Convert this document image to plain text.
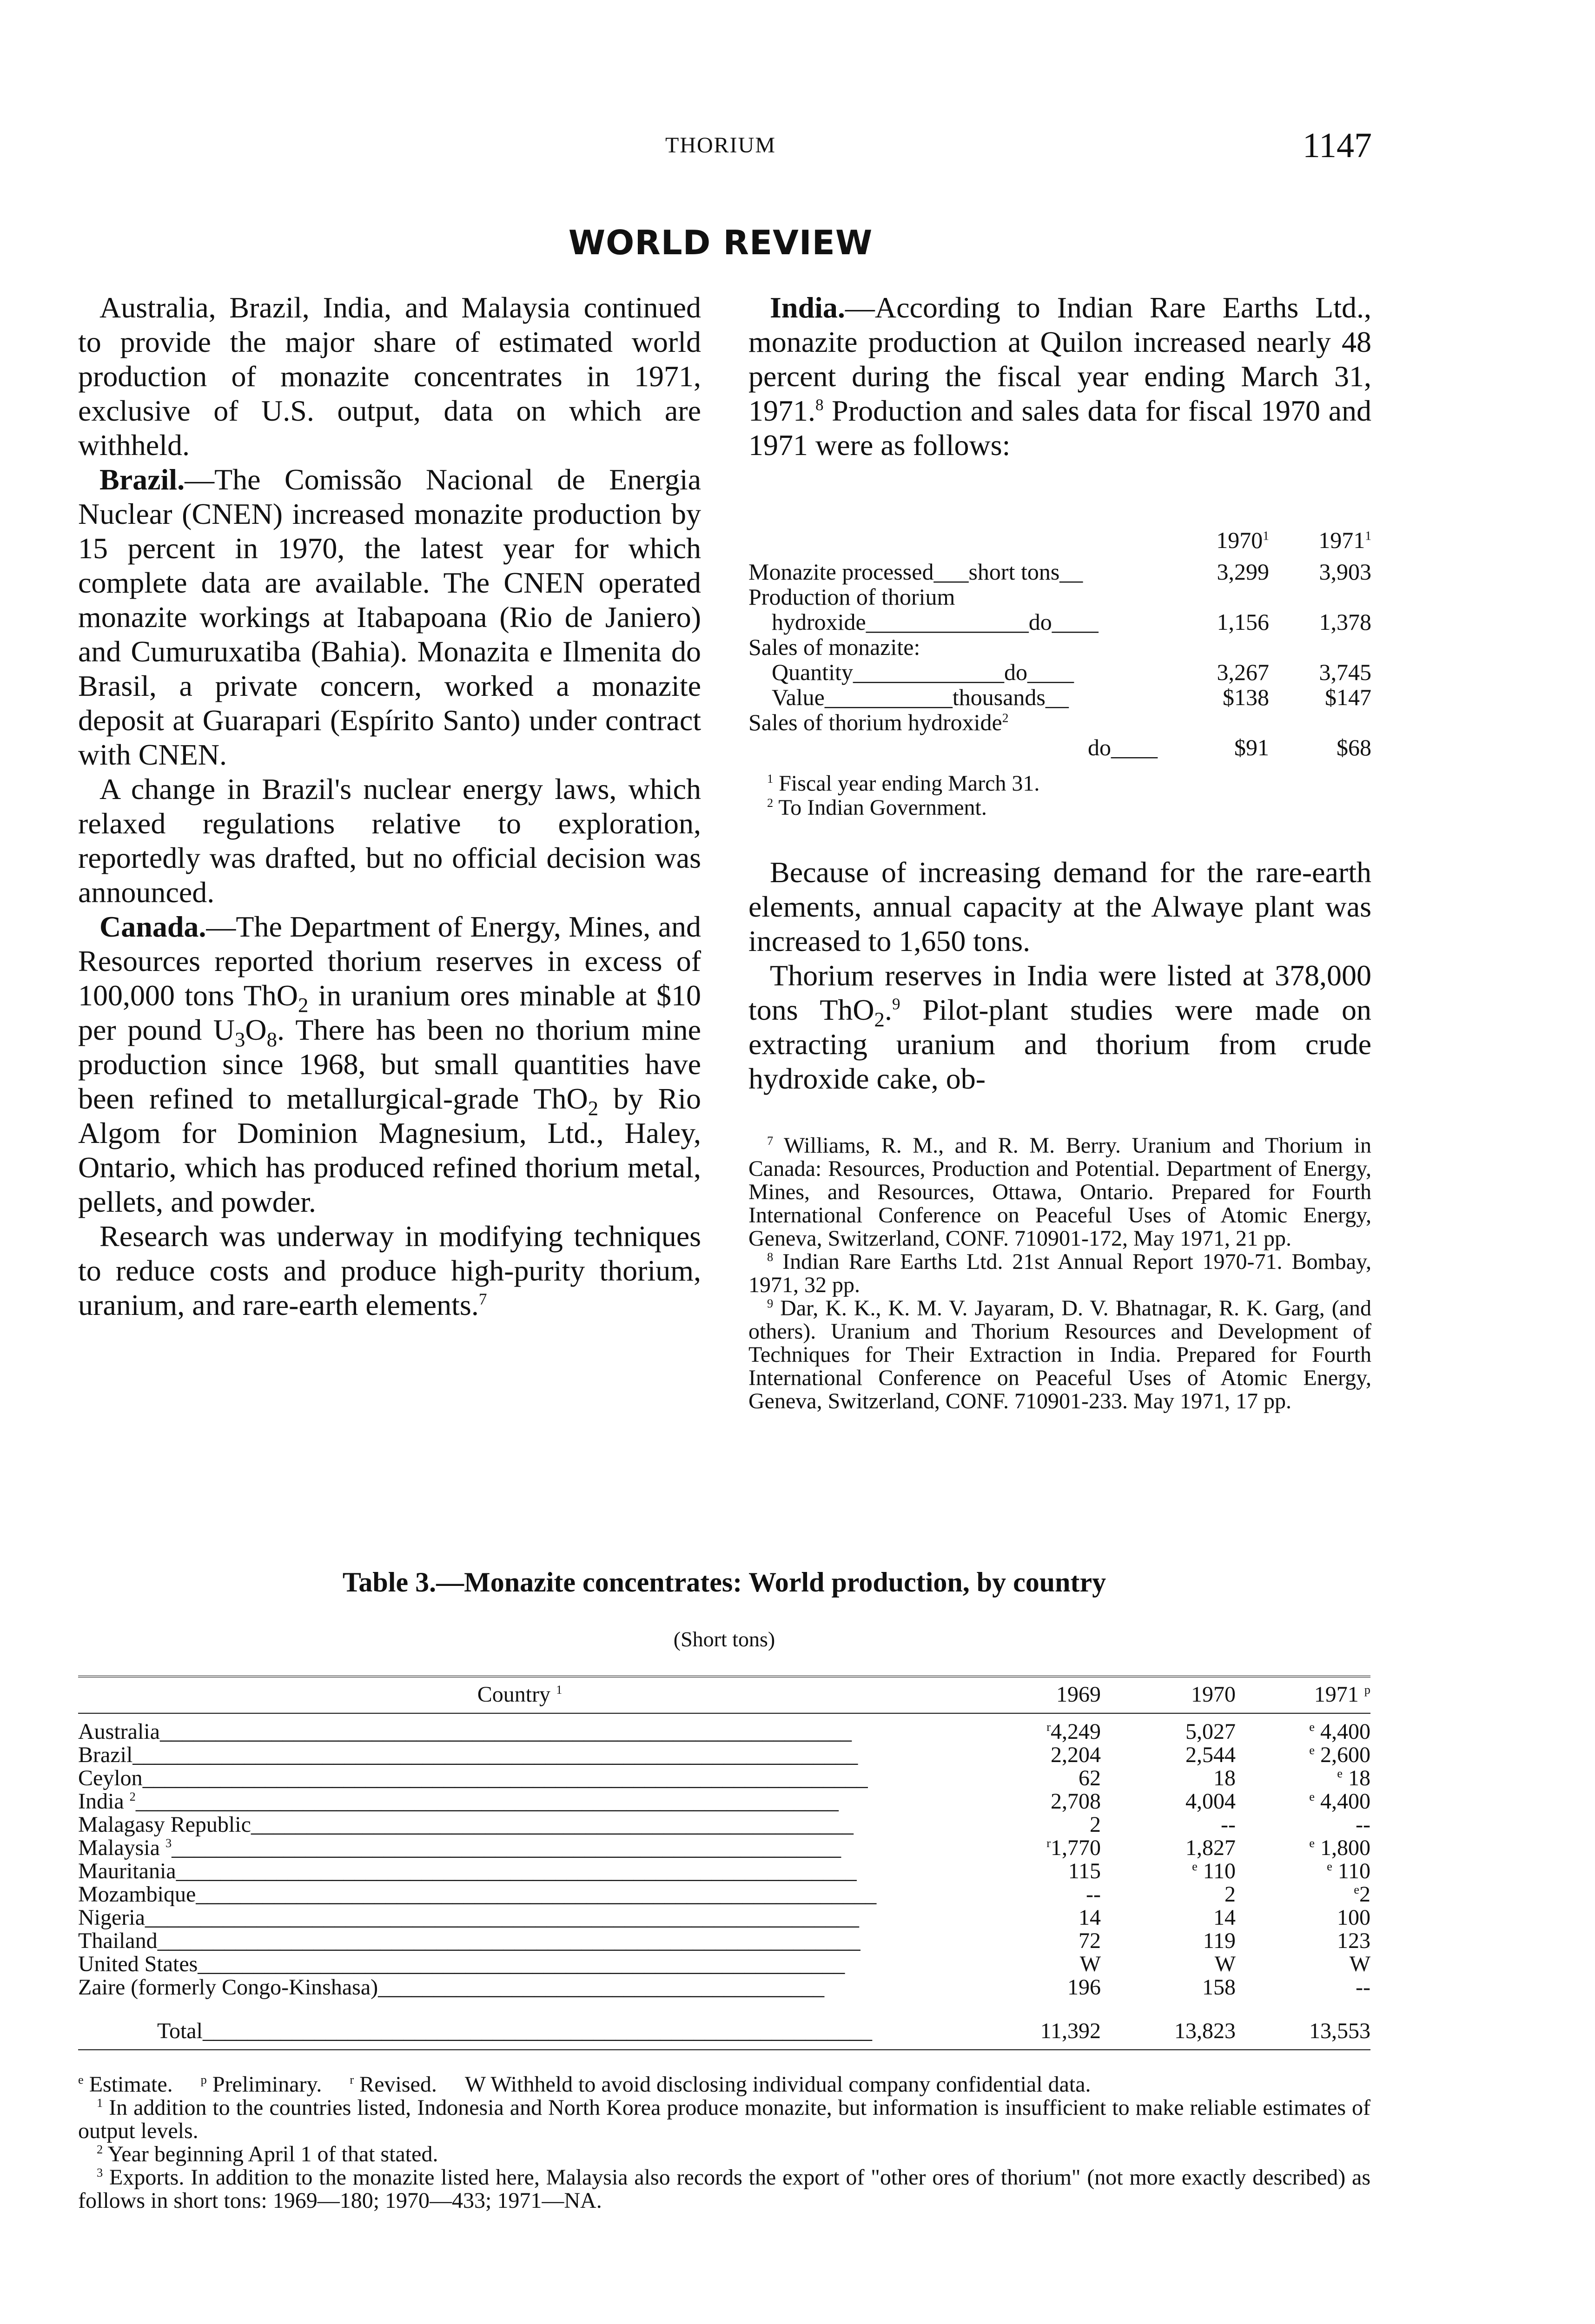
THORIUM	1147
WORLD REVIEW

Australia, Brazil, India, and Malaysia continued to provide the major share of estimated world production of monazite concentrates in 1971, exclusive of U.S. output, data on which are withheld.

Brazil.—The Comissão Nacional de Energia Nuclear (CNEN) increased monazite production by 15 percent in 1970, the latest year for which complete data are available. The CNEN operated monazite workings at Itabapoana (Rio de Janiero) and Cumuruxatiba (Bahia). Monazita e Ilmenita do Brasil, a private concern, worked a monazite deposit at Guarapari (Espírito Santo) under contract with CNEN.

A change in Brazil's nuclear energy laws, which relaxed regulations relative to exploration, reportedly was drafted, but no official decision was announced.

Canada.—The Department of Energy, Mines, and Resources reported thorium reserves in excess of 100,000 tons ThO$_2$ in uranium ores minable at $10 per pound $U_3O_8$. There has been no thorium mine production since 1968, but small quantities have been refined to metallurgical-grade ThO$_2$ by Rio Algom for Dominion Magnesium, Ltd., Haley, Ontario, which has produced refined thorium metal, pellets, and powder.

Research was underway in modifying techniques to reduce costs and produce high-purity thorium, uranium, and rare-earth elements.$^7$

India.—According to Indian Rare Earths Ltd., monazite production at Quilon increased nearly 48 percent during the fiscal year ending March 31, 1971.$^8$ Production and sales data for fiscal 1970 and 1971 were as follows:

	1970$^1$	1971$^1$

Monazite processed___short tons__	3,299	3,903
Production of thorium		
hydroxide______________do____	1,156	1,378
Sales of monazite:		
Quantity_____________do____	3,267	3,745
Value___________thousands__	$138	$147
Sales of thorium hydroxide$^2$		
do____	$91	$68
$^1$ Fiscal year ending March 31.
$^2$ To Indian Government.

Because of increasing demand for the rare-earth elements, annual capacity at the Alwaye plant was increased to 1,650 tons.

Thorium reserves in India were listed at 378,000 tons ThO$_2$.$^9$ Pilot-plant studies were made on extracting uranium and thorium from crude hydroxide cake, ob-

$^7$ Williams, R. M., and R. M. Berry. Uranium and Thorium in Canada: Resources, Production and Potential. Department of Energy, Mines, and Resources, Ottawa, Ontario. Prepared for Fourth International Conference on Peaceful Uses of Atomic Energy, Geneva, Switzerland, CONF. 710901-172, May 1971, 21 pp.

$^8$ Indian Rare Earths Ltd. 21st Annual Report 1970-71. Bombay, 1971, 32 pp.

$^9$ Dar, K. K., K. M. V. Jayaram, D. V. Bhatnagar, R. K. Garg, (and others). Uranium and Thorium Resources and Development of Techniques for Their Extraction in India. Prepared for Fourth International Conference on Peaceful Uses of Atomic Energy, Geneva, Switzerland, CONF. 710901-233. May 1971, 17 pp.

Table 3.—Monazite concentrates: World production, by country
(Short tons)
Country $^1$	1969	1970	1971 $^p$
Australia______________________________________________________________	$^r$4,249	5,027	$^e$ 4,400
Brazil_________________________________________________________________	2,204	2,544	$^e$ 2,600
Ceylon_________________________________________________________________	62	18	$^e$ 18
India $^2$_______________________________________________________________	2,708	4,004	$^e$ 4,400
Malagasy Republic______________________________________________________	2	--	--
Malaysia $^3$____________________________________________________________	$^r$1,770	1,827	$^e$ 1,800
Mauritania_____________________________________________________________	115	$^e$ 110	$^e$ 110
Mozambique_____________________________________________________________	--	2	$^e$2
Nigeria________________________________________________________________	14	14	100
Thailand_______________________________________________________________	72	119	123
United States__________________________________________________________	W	W	W
Zaire (formerly Congo-Kinshasa)________________________________________	196	158	--
Total____________________________________________________________	11,392	13,823	13,553

$^e$ Estimate. $^p$ Preliminary. $^r$ Revised. W Withheld to avoid disclosing individual company confidential data.

$^1$ In addition to the countries listed, Indonesia and North Korea produce monazite, but information is insufficient to make reliable estimates of output levels.

$^2$ Year beginning April 1 of that stated.

$^3$ Exports. In addition to the monazite listed here, Malaysia also records the export of "other ores of thorium" (not more exactly described) as follows in short tons: 1969—180; 1970—433; 1971—NA.
